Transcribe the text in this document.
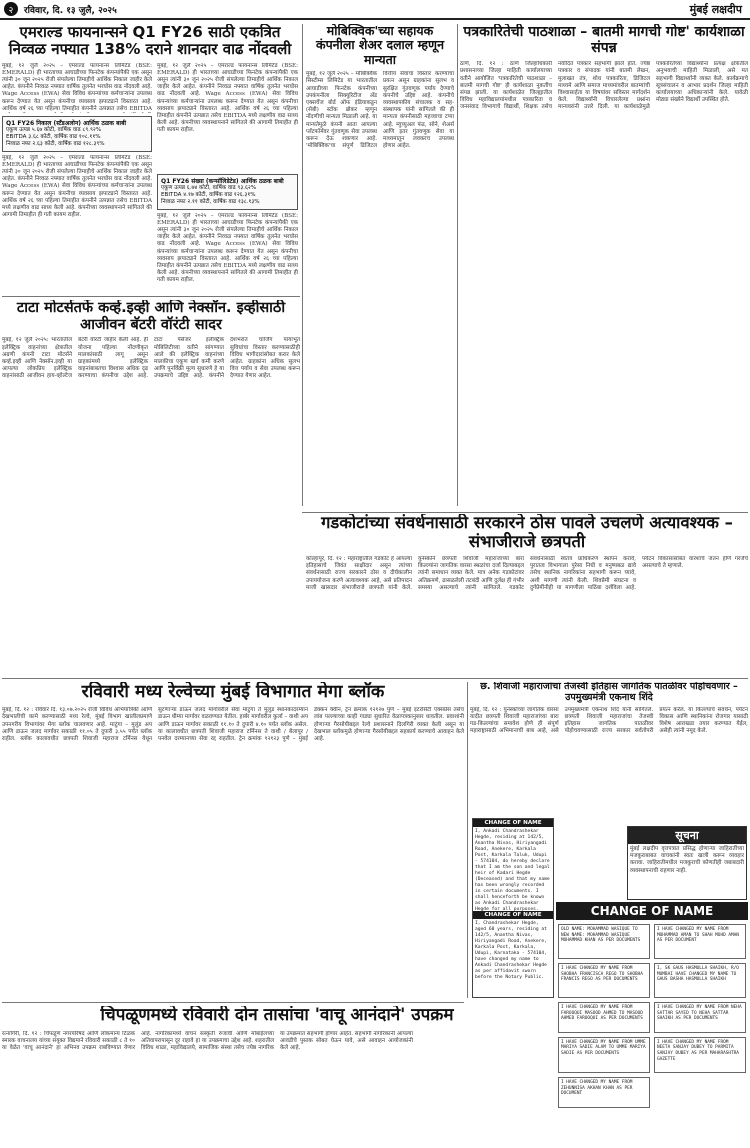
२	रविवार, दि. १३ जुलै, २०२५	मुंबई लक्षदीप
एमराल्ड फायनान्सने Q1 FY26 साठी एकत्रित निव्वळ नफ्यात 138% दराने शानदार वाढ नोंदवली
मुंबई, १२ जुलै २०२५ – एमराल्ड फायनान्स लिमिटेड (BSE: EMERALD) ही भारताच्या आघाडीच्या फिनटेक कंपन्यांपैकी एक असून त्यांनी ३० जून २०२५ रोजी संपलेल्या तिमाहीचे आर्थिक निकाल जाहीर केले आहेत. कंपनीने निव्वळ नफ्यात वार्षिक तुलनेत भरघोस वाढ नोंदवली आहे. Wage Access (EWA) सेवा विविध कंपन्यांच्या कर्मचाऱ्यांना उपलब्ध करून देण्यात येत असून कंपनीचा व्यवसाय झपाट्याने विस्तारत आहे. आर्थिक वर्ष २६ च्या पहिल्या तिमाहीत कंपनीने उत्पन्नात तसेच EBITDA
Q1 FY26 निकाल (स्टँडअलोन) आर्थिक ठळक बाबी
एकूण उत्पन्न ५.६७ कोटी, वार्षिक वाढ ८९.९२%
EBITDA ३.६८ कोटी, वार्षिक वाढ १०८.११%
निव्वळ नफा २.६३ कोटी, वार्षिक वाढ १२८.३९%
मुंबई, १२ जुलै २०२५ – एमराल्ड फायनान्स लिमिटेड (BSE: EMERALD) ही भारताच्या आघाडीच्या फिनटेक कंपन्यांपैकी एक असून त्यांनी ३० जून २०२५ रोजी संपलेल्या तिमाहीचे आर्थिक निकाल जाहीर केले आहेत. कंपनीने निव्वळ नफ्यात वार्षिक तुलनेत भरघोस वाढ नोंदवली आहे. Wage Access (EWA) सेवा विविध कंपन्यांच्या कर्मचाऱ्यांना उपलब्ध करून देण्यात येत असून कंपनीचा व्यवसाय झपाट्याने विस्तारत आहे. आर्थिक वर्ष २६ च्या पहिल्या तिमाहीत कंपनीने उत्पन्नात तसेच EBITDA मध्ये लक्षणीय वाढ साध्य केली आहे. कंपनीच्या व्यवस्थापनाने सांगितले की आगामी तिमाहीत ही गती कायम राहील.
मुंबई, १२ जुलै २०२५ – एमराल्ड फायनान्स लिमिटेड (BSE: EMERALD) ही भारताच्या आघाडीच्या फिनटेक कंपन्यांपैकी एक असून त्यांनी ३० जून २०२५ रोजी संपलेल्या तिमाहीचे आर्थिक निकाल जाहीर केले आहेत. कंपनीने निव्वळ नफ्यात वार्षिक तुलनेत भरघोस वाढ नोंदवली आहे. Wage Access (EWA) सेवा विविध कंपन्यांच्या कर्मचाऱ्यांना उपलब्ध करून देण्यात येत असून कंपनीचा व्यवसाय झपाट्याने विस्तारत आहे. आर्थिक वर्ष २६ च्या पहिल्या तिमाहीत कंपनीने उत्पन्नात तसेच EBITDA मध्ये लक्षणीय वाढ साध्य केली आहे. कंपनीच्या व्यवस्थापनाने सांगितले की आगामी तिमाहीत ही गती कायम राहील.
Q1 FY26 संख्या (कन्सॉलिडेटेड) आर्थिक ठळक बाबी
एकूण उत्पन्न ६.७४ कोटी, वार्षिक वाढ ९३.६२%
EBITDA ४.१७ कोटी, वार्षिक वाढ १२६.३१%
निव्वळ नफा २.११ कोटी, वार्षिक वाढ १३८.१३%
मुंबई, १२ जुलै २०२५ – एमराल्ड फायनान्स लिमिटेड (BSE: EMERALD) ही भारताच्या आघाडीच्या फिनटेक कंपन्यांपैकी एक असून त्यांनी ३० जून २०२५ रोजी संपलेल्या तिमाहीचे आर्थिक निकाल जाहीर केले आहेत. कंपनीने निव्वळ नफ्यात वार्षिक तुलनेत भरघोस वाढ नोंदवली आहे. Wage Access (EWA) सेवा विविध कंपन्यांच्या कर्मचाऱ्यांना उपलब्ध करून देण्यात येत असून कंपनीचा व्यवसाय झपाट्याने विस्तारत आहे. आर्थिक वर्ष २६ च्या पहिल्या तिमाहीत कंपनीने उत्पन्नात तसेच EBITDA मध्ये लक्षणीय वाढ साध्य केली आहे. कंपनीच्या व्यवस्थापनाने सांगितले की आगामी तिमाहीत ही गती कायम राहील.
मोबिक्विक'च्या सहायक कंपनीला शेअर दलाल म्हणून मान्यता
मुंबई, १२ जुलै २०२५ – मोबिक्विक सिस्टीम्स लिमिटेड या भारतातील आघाडीच्या फिनटेक कंपनीच्या उपकंपनीला सिक्युरिटीज अँड एक्सचेंज बोर्ड ऑफ इंडियाकडून (सेबी) स्टॉक ब्रोकर म्हणून नोंदणीची मान्यता मिळाली आहे. या मान्यतेमुळे कंपनी आता आपल्या प्लॅटफॉर्मवर गुंतवणूक सेवा उपलब्ध करून देऊ शकणार आहे. 'मोबिक्विक'चा संपूर्ण डिजिटल वित्तीय सेवांचा विस्तार करण्याचा प्रयत्न असून ग्राहकांना सुलभ व सुरक्षित गुंतवणूक पर्याय देण्याचे कंपनीचे उद्दिष्ट आहे. कंपनीचे व्यवस्थापकीय संचालक व सह-संस्थापक यांनी सांगितले की ही मान्यता कंपनीसाठी महत्त्वाचा टप्पा आहे. म्युच्युअल फंड, सोने, शेअर्स आणि इतर गुंतवणूक सेवा या माध्यमातून लवकरच उपलब्ध होणार आहेत.
पत्रकारितेची पाठशाळा – बातमी मागची गोष्ट' कार्यशाळा संपन्न
ठाणे, दि. १२ : ठाणे जिल्हाधिकारी प्रशासनाच्या जिल्हा माहिती कार्यालयाच्या वतीने आयोजित 'पत्रकारितेची पाठशाळा – बातमी मागची गोष्ट' ही कार्यशाळा नुकतीच संपन्न झाली. या कार्यशाळेत जिल्ह्यातील विविध महाविद्यालयांमधील पत्रकारिता व जनसंवाद विभागाचे विद्यार्थी, शिक्षक तसेच नवोदित पत्रकार सहभागी झाले होते. ज्येष्ठ पत्रकार व संपादक यांनी बातमी लेखन, मुलाखत तंत्र, शोध पत्रकारिता, डिजिटल माध्यमे आणि समाज माध्यमांवरील बातम्यांची विश्वासार्हता या विषयांवर सविस्तर मार्गदर्शन केले. विद्यार्थ्यांनी विचारलेल्या प्रश्नांना मान्यवरांनी उत्तरे दिली. या कार्यशाळेमुळे पत्रकारितेच्या विद्यार्थ्यांना प्रत्यक्ष क्षेत्रातील अनुभवाची माहिती मिळाली, असे मत सहभागी विद्यार्थ्यांनी व्यक्त केले. कार्यक्रमाचे सूत्रसंचालन व आभार प्रदर्शन जिल्हा माहिती कार्यालयाच्या अधिकाऱ्यांनी केले. यावेळी मोठ्या संख्येने विद्यार्थी उपस्थित होते.
टाटा मोटर्सतर्फे कर्व्ह.इव्ही आणि नेक्सॉन. इव्हीसाठी आजीवन बॅटरी वॉरंटी सादर
मुंबई, १२ जुलै २०२५: भारतातील इलेक्ट्रिक वाहनांच्या क्षेत्रातील अग्रणी कंपनी टाटा मोटर्सने कर्व्ह.इव्ही आणि नेक्सॉन.इव्ही या आपल्या लोकप्रिय इलेक्ट्रिक वाहनांसाठी आजीवन हाय-व्होल्टेज बॅटरी वॉरंटी जाहीर केली आहे. ही योजना पहिल्या नोंदणीकृत मालकांसाठी लागू असून ग्राहकांमध्ये इलेक्ट्रिक वाहनांबाबतचा विश्वास अधिक दृढ करण्याचा कंपनीचा उद्देश आहे. टाटा पॅसेंजर इलेक्ट्रिक मोबिलिटीच्या वतीने सांगण्यात आले की इलेक्ट्रिक वाहनांच्या मालकीचा एकूण खर्च कमी करणे आणि पुनर्विक्री मूल्य सुधारणे हे या उपक्रमाचे उद्दिष्ट आहे. कंपनीने देशभरात चार्जिंग पायाभूत सुविधांचा विस्तार करण्यासाठीही विविध भागीदारांसोबत करार केले आहेत. ग्राहकांना अधिक सुलभ वित्त पर्याय व सेवा उपलब्ध करून देण्यात येणार आहेत.
गडकोटांच्या संवर्धनासाठी सरकारने ठोस पावले उचलणे अत्यावश्यक – संभाजीराजे छत्रपती
कोल्हापूर, दि. १२ : महाराष्ट्रातील गडकोट हे आपल्या इतिहासाचे जिवंत साक्षीदार असून त्यांच्या संवर्धनासाठी राज्य सरकारने ठोस व दीर्घकालीन उपाययोजना करणे अत्यावश्यक आहे, असे प्रतिपादन माजी खासदार संभाजीराजे छत्रपती यांनी केले. युनेस्कोने छत्रपती शिवाजी महाराजांच्या बारा किल्ल्यांना जागतिक वारसा स्थळांचा दर्जा दिल्याबद्दल त्यांनी समाधान व्यक्त केले. मात्र अनेक गडकोटांवर अतिक्रमणे, ढासळलेली तटबंदी आणि दुर्लक्ष ही गंभीर समस्या असल्याचे त्यांनी सांगितले. गडकोट संवर्धनासाठी स्वतंत्र प्राधिकरण स्थापन करावे, पुरातत्व विभागाला पुरेसा निधी व मनुष्यबळ द्यावे तसेच स्थानिक नागरिकांना सहभागी करून घ्यावे, अशी मागणी त्यांनी केली. शिवप्रेमी संघटना व दुर्गप्रेमींनीही या मागणीला पाठिंबा दर्शविला आहे. पर्यटन विकासासोबत वारशाचे जतन होणे गरजेचे असल्याचे ते म्हणाले.
रविवारी मध्य रेल्वेच्या मुंबई विभागात मेगा ब्लॉक
मुंबई, दि. १२ : रविवार दि. १३.०७.२०२५ रोजी विविध अभियांत्रिकी आणि देखभालीची कामे करण्यासाठी मध्य रेल्वे, मुंबई विभाग खालीलप्रमाणे उपनगरीय विभागांवर मेगा ब्लॉक चालवणार आहे. माटुंगा – मुलुंड अप आणि डाऊन जलद मार्गावर सकाळी ११.०५ ते दुपारी ३.५५ पर्यंत ब्लॉक राहील. ब्लॉक कालावधीत छत्रपती शिवाजी महाराज टर्मिनस येथून सुटणाऱ्या डाऊन जलद मार्गावरील सेवा माटुंगा ते मुलुंड स्थानकांदरम्यान डाऊन धीम्या मार्गावर वळवण्यात येतील. हार्बर मार्गावरील कुर्ला – वाशी अप आणि डाऊन मार्गावर सकाळी ११.१० ते दुपारी ४.१० पर्यंत ब्लॉक असेल. या कालावधीत छत्रपती शिवाजी महाराज टर्मिनस ते वाशी / बेलापूर / पनवेल दरम्यानच्या सेवा रद्द राहतील. ट्रेन क्रमांक १२१२३ पुणे – मुंबई डेक्कन क्वीन, ट्रेन क्रमांक १२१२७ पुणे – मुंबई इंटरसिटी एक्सप्रेस तसेच लांब पल्ल्याच्या काही गाड्या सुधारित वेळापत्रकानुसार धावतील. प्रवाशांनी होणाऱ्या गैरसोयीबद्दल रेल्वे प्रशासनाने दिलगिरी व्यक्त केली असून या देखभाल ब्लॉकमुळे होणाऱ्या गैरसोयीबद्दल सहकार्य करण्याचे आवाहन केले आहे.
छ. शिवाजी महाराजांचा तेजस्वी इतिहास जागतिक पातळीवर पोहोचवणार – उपमुख्यमंत्री एकनाथ शिंदे
मुंबई, दि. १२ : युनेस्कोच्या जागतिक वारसा यादीत छत्रपती शिवाजी महाराजांच्या बारा गड-किल्ल्यांचा समावेश होणे ही संपूर्ण महाराष्ट्रासाठी अभिमानाची बाब आहे, असे उपमुख्यमंत्री एकनाथ शिंदे यांनी सांगितले. छत्रपती शिवाजी महाराजांचा तेजस्वी इतिहास जागतिक पातळीवर पोहोचवण्यासाठी राज्य सरकार सर्वतोपरी प्रयत्न करेल. या किल्ल्यांचे संवर्धन, पर्यटन विकास आणि स्थानिकांना रोजगार यासाठी विशेष आराखडा तयार करण्यात येईल, असेही त्यांनी नमूद केले.
CHANGE OF NAME
I, Ankadi Chandrashekar Hegde, residing at 142/5, Anantha Nivas, Hiriyangadi Road, Anekere, Karkala Post, Karkala Taluk, Udupi - 574104, do hereby declare that I am the son and legal heir of Kadari Hegde (Deceased) and that my name has been wrongly recorded in certain documents. I shall henceforth be known as Ankadi Chandrashekar Hegde for all purposes.
CHANGE OF NAME
I, Chandrashekar Hegde, aged 60 years, residing at 142/5, Anantha Nivas, Hiriyangadi Road, Anekere, Karkala Post, Karkala, Udupi, Karnataka - 574104, have changed my name to Ankadi Chandrashekar Hegde as per affidavit sworn before the Notary Public.
सूचना
मुंबई लक्षदीप वृत्तपत्रात प्रसिद्ध होणाऱ्या जाहिरातींच्या मजकुराबाबत वाचकांनी स्वतः खात्री करून व्यवहार करावा. जाहिरातीमधील मजकुराची कोणतीही जबाबदारी व्यवस्थापनाची राहणार नाही.
CHANGE OF NAME
OLD NAME: MOHAMMAD WASIQUE TO NEW NAME: MOHAMMAD WASIQUE MOHAMMAD KHAN AS PER DOCUMENTS
I HAVE CHANGED MY NAME FROM MOHAMMAD AMAN TO SHAH MOHD AMAN AS PER DOCUMENT
I HAVE CHANGED MY NAME FROM SHOBHA FRANCISCA REGO TO SHOBHA FRANCIS REGO AS PER DOCUMENTS
I, SK GAUS HASMULLA SHAIKH, R/O MUMBAI HAVE CHANGED MY NAME TO GAUS BASHA HASMULLA SHAIKH
I HAVE CHANGED MY NAME FROM FAROOQUI MASOOD AHMED TO MASOOD AHMED FAROOQUI AS PER DOCUMENTS
I HAVE CHANGED MY NAME FROM NEHA SATTAR SAYED TO NEHA SATTAR SHAIKH AS PER DOCUMENTS
I HAVE CHANGED MY NAME FROM UMME MARIYA SADIE ALAM TO UMME MARIYA SADIE AS PER DOCUMENTS
I HAVE CHANGED MY NAME FROM NEETA SANJAY DUBEY TO PARMITA SANJAY DUBEY AS PER MAHARASHTRA GAZETTE
I HAVE CHANGED MY NAME FROM ZEHUNNISA AKHAN KHAN AS PER DOCUMENT
चिपळूणमध्ये रविवारी दोन तासांचा 'वाचू आनंदाने' उपक्रम
रत्नागिरी, दि. १२ : चिपळूण नगरपरिषद आणि लोकमान्य टिळक स्मारक वाचनालय यांच्या संयुक्त विद्यमाने रविवारी सकाळी ८ ते १० या वेळेत 'वाचू आनंदाने' हा अभिनव उपक्रम राबविण्यात येणार आहे. नागरिकांमध्ये वाचन संस्कृती रुजावी आणि मोबाईलच्या अतिवापरापासून दूर राहावे हा या उपक्रमाचा उद्देश आहे. शहरातील विविध शाळा, महाविद्यालये, सामाजिक संस्था तसेच ज्येष्ठ नागरिक या उपक्रमात सहभागी होणार आहेत. सहभागी नागरिकांनी आपल्या आवडीचे पुस्तक सोबत घेऊन यावे, असे आवाहन आयोजकांनी केले आहे.
